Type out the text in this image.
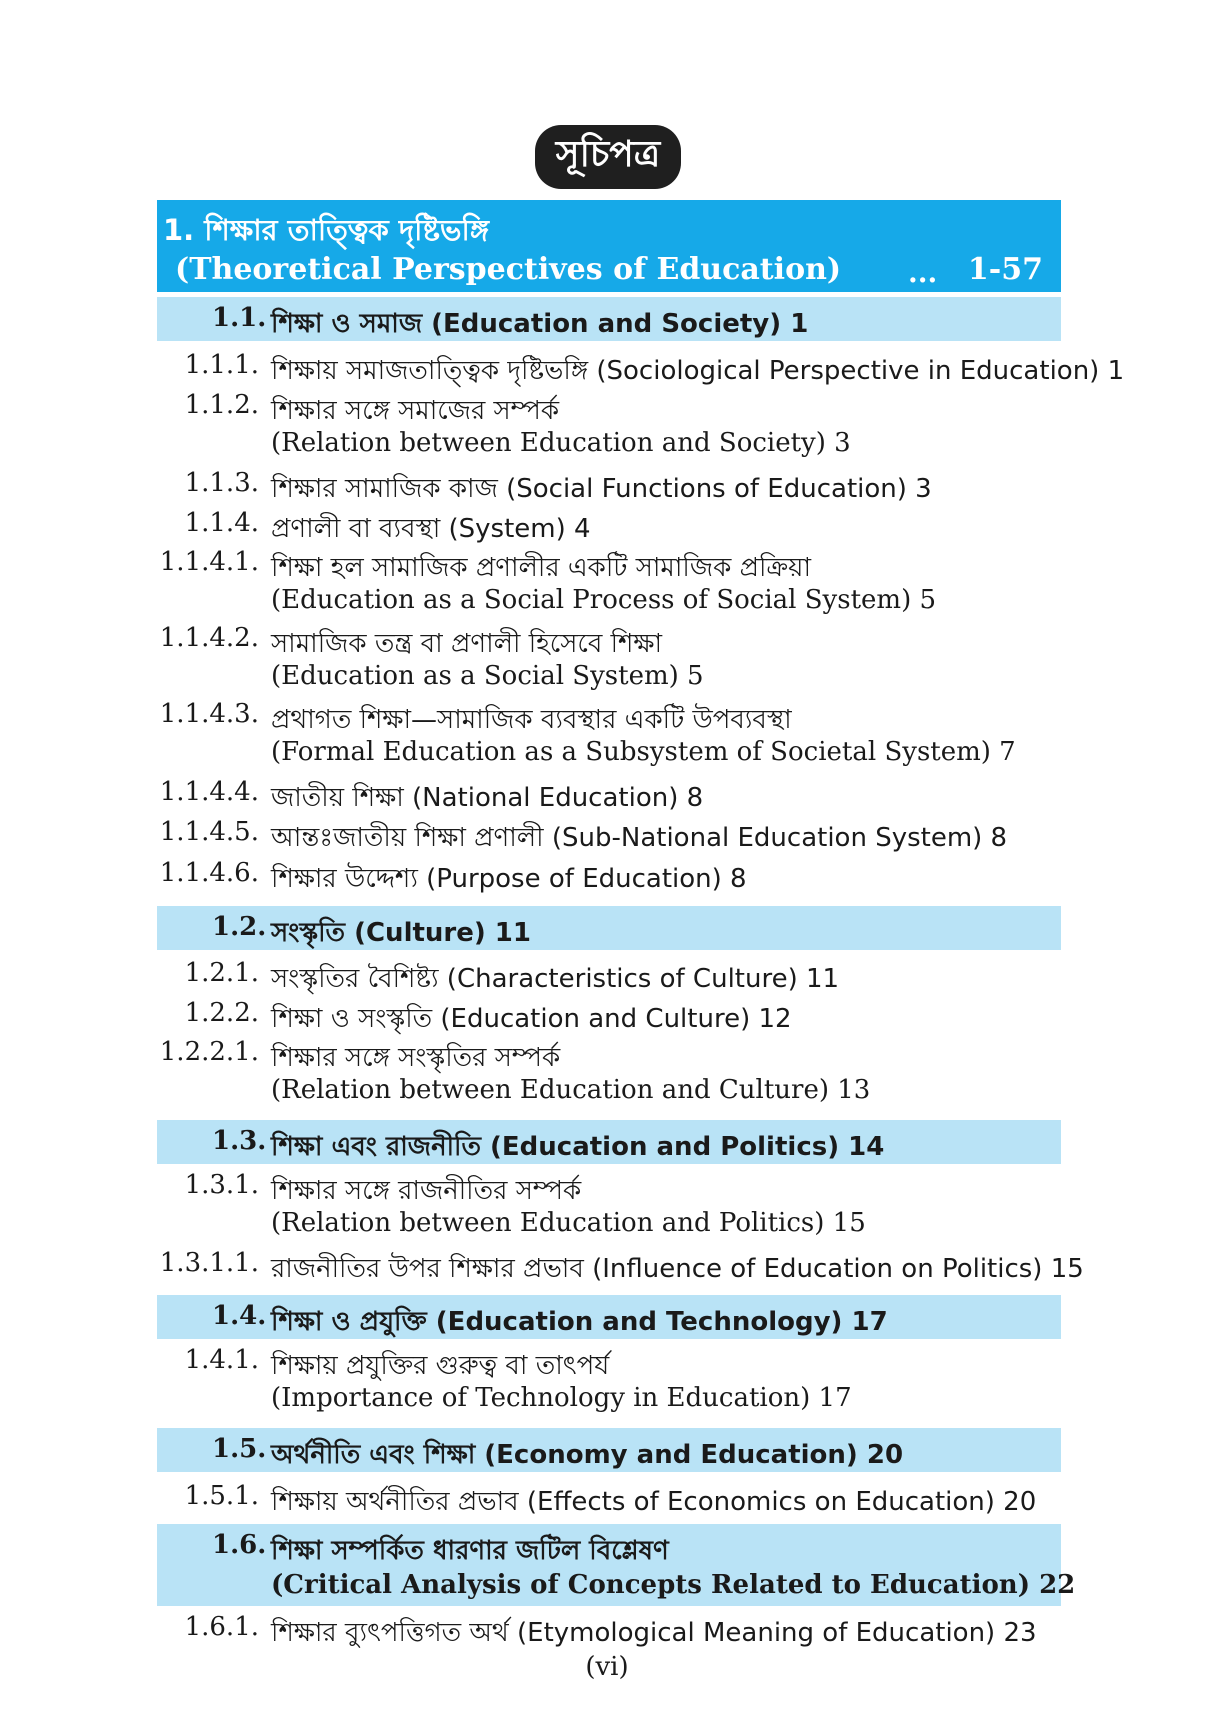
সূচিপত্র
1. শিক্ষার তাত্ত্বিক দৃষ্টিভঙ্গি
(Theoretical Perspectives of Education) ... 1-57
1.1. শিক্ষা ও সমাজ (Education and Society) 1
1.1.1. শিক্ষায় সমাজতাত্ত্বিক দৃষ্টিভঙ্গি (Sociological Perspective in Education) 1
1.1.2. শিক্ষার সঙ্গে সমাজের সম্পর্ক
(Relation between Education and Society) 3
1.1.3. শিক্ষার সামাজিক কাজ (Social Functions of Education) 3
1.1.4. প্রণালী বা ব্যবস্থা (System) 4
1.1.4.1. শিক্ষা হল সামাজিক প্রণালীর একটি সামাজিক প্রক্রিয়া
(Education as a Social Process of Social System) 5
1.1.4.2. সামাজিক তন্ত্র বা প্রণালী হিসেবে শিক্ষা
(Education as a Social System) 5
1.1.4.3. প্রথাগত শিক্ষা—সামাজিক ব্যবস্থার একটি উপব্যবস্থা
(Formal Education as a Subsystem of Societal System) 7
1.1.4.4. জাতীয় শিক্ষা (National Education) 8
1.1.4.5. আন্তঃজাতীয় শিক্ষা প্রণালী (Sub-National Education System) 8
1.1.4.6. শিক্ষার উদ্দেশ্য (Purpose of Education) 8
1.2. সংস্কৃতি (Culture) 11
1.2.1. সংস্কৃতির বৈশিষ্ট্য (Characteristics of Culture) 11
1.2.2. শিক্ষা ও সংস্কৃতি (Education and Culture) 12
1.2.2.1. শিক্ষার সঙ্গে সংস্কৃতির সম্পর্ক
(Relation between Education and Culture) 13
1.3. শিক্ষা এবং রাজনীতি (Education and Politics) 14
1.3.1. শিক্ষার সঙ্গে রাজনীতির সম্পর্ক
(Relation between Education and Politics) 15
1.3.1.1. রাজনীতির উপর শিক্ষার প্রভাব (Influence of Education on Politics) 15
1.4. শিক্ষা ও প্রযুক্তি (Education and Technology) 17
1.4.1. শিক্ষায় প্রযুক্তির গুরুত্ব বা তাৎপর্য
(Importance of Technology in Education) 17
1.5. অর্থনীতি এবং শিক্ষা (Economy and Education) 20
1.5.1. শিক্ষায় অর্থনীতির প্রভাব (Effects of Economics on Education) 20
1.6. শিক্ষা সম্পর্কিত ধারণার জটিল বিশ্লেষণ
(Critical Analysis of Concepts Related to Education) 22
1.6.1. শিক্ষার ব্যুৎপত্তিগত অর্থ (Etymological Meaning of Education) 23
(vi)
